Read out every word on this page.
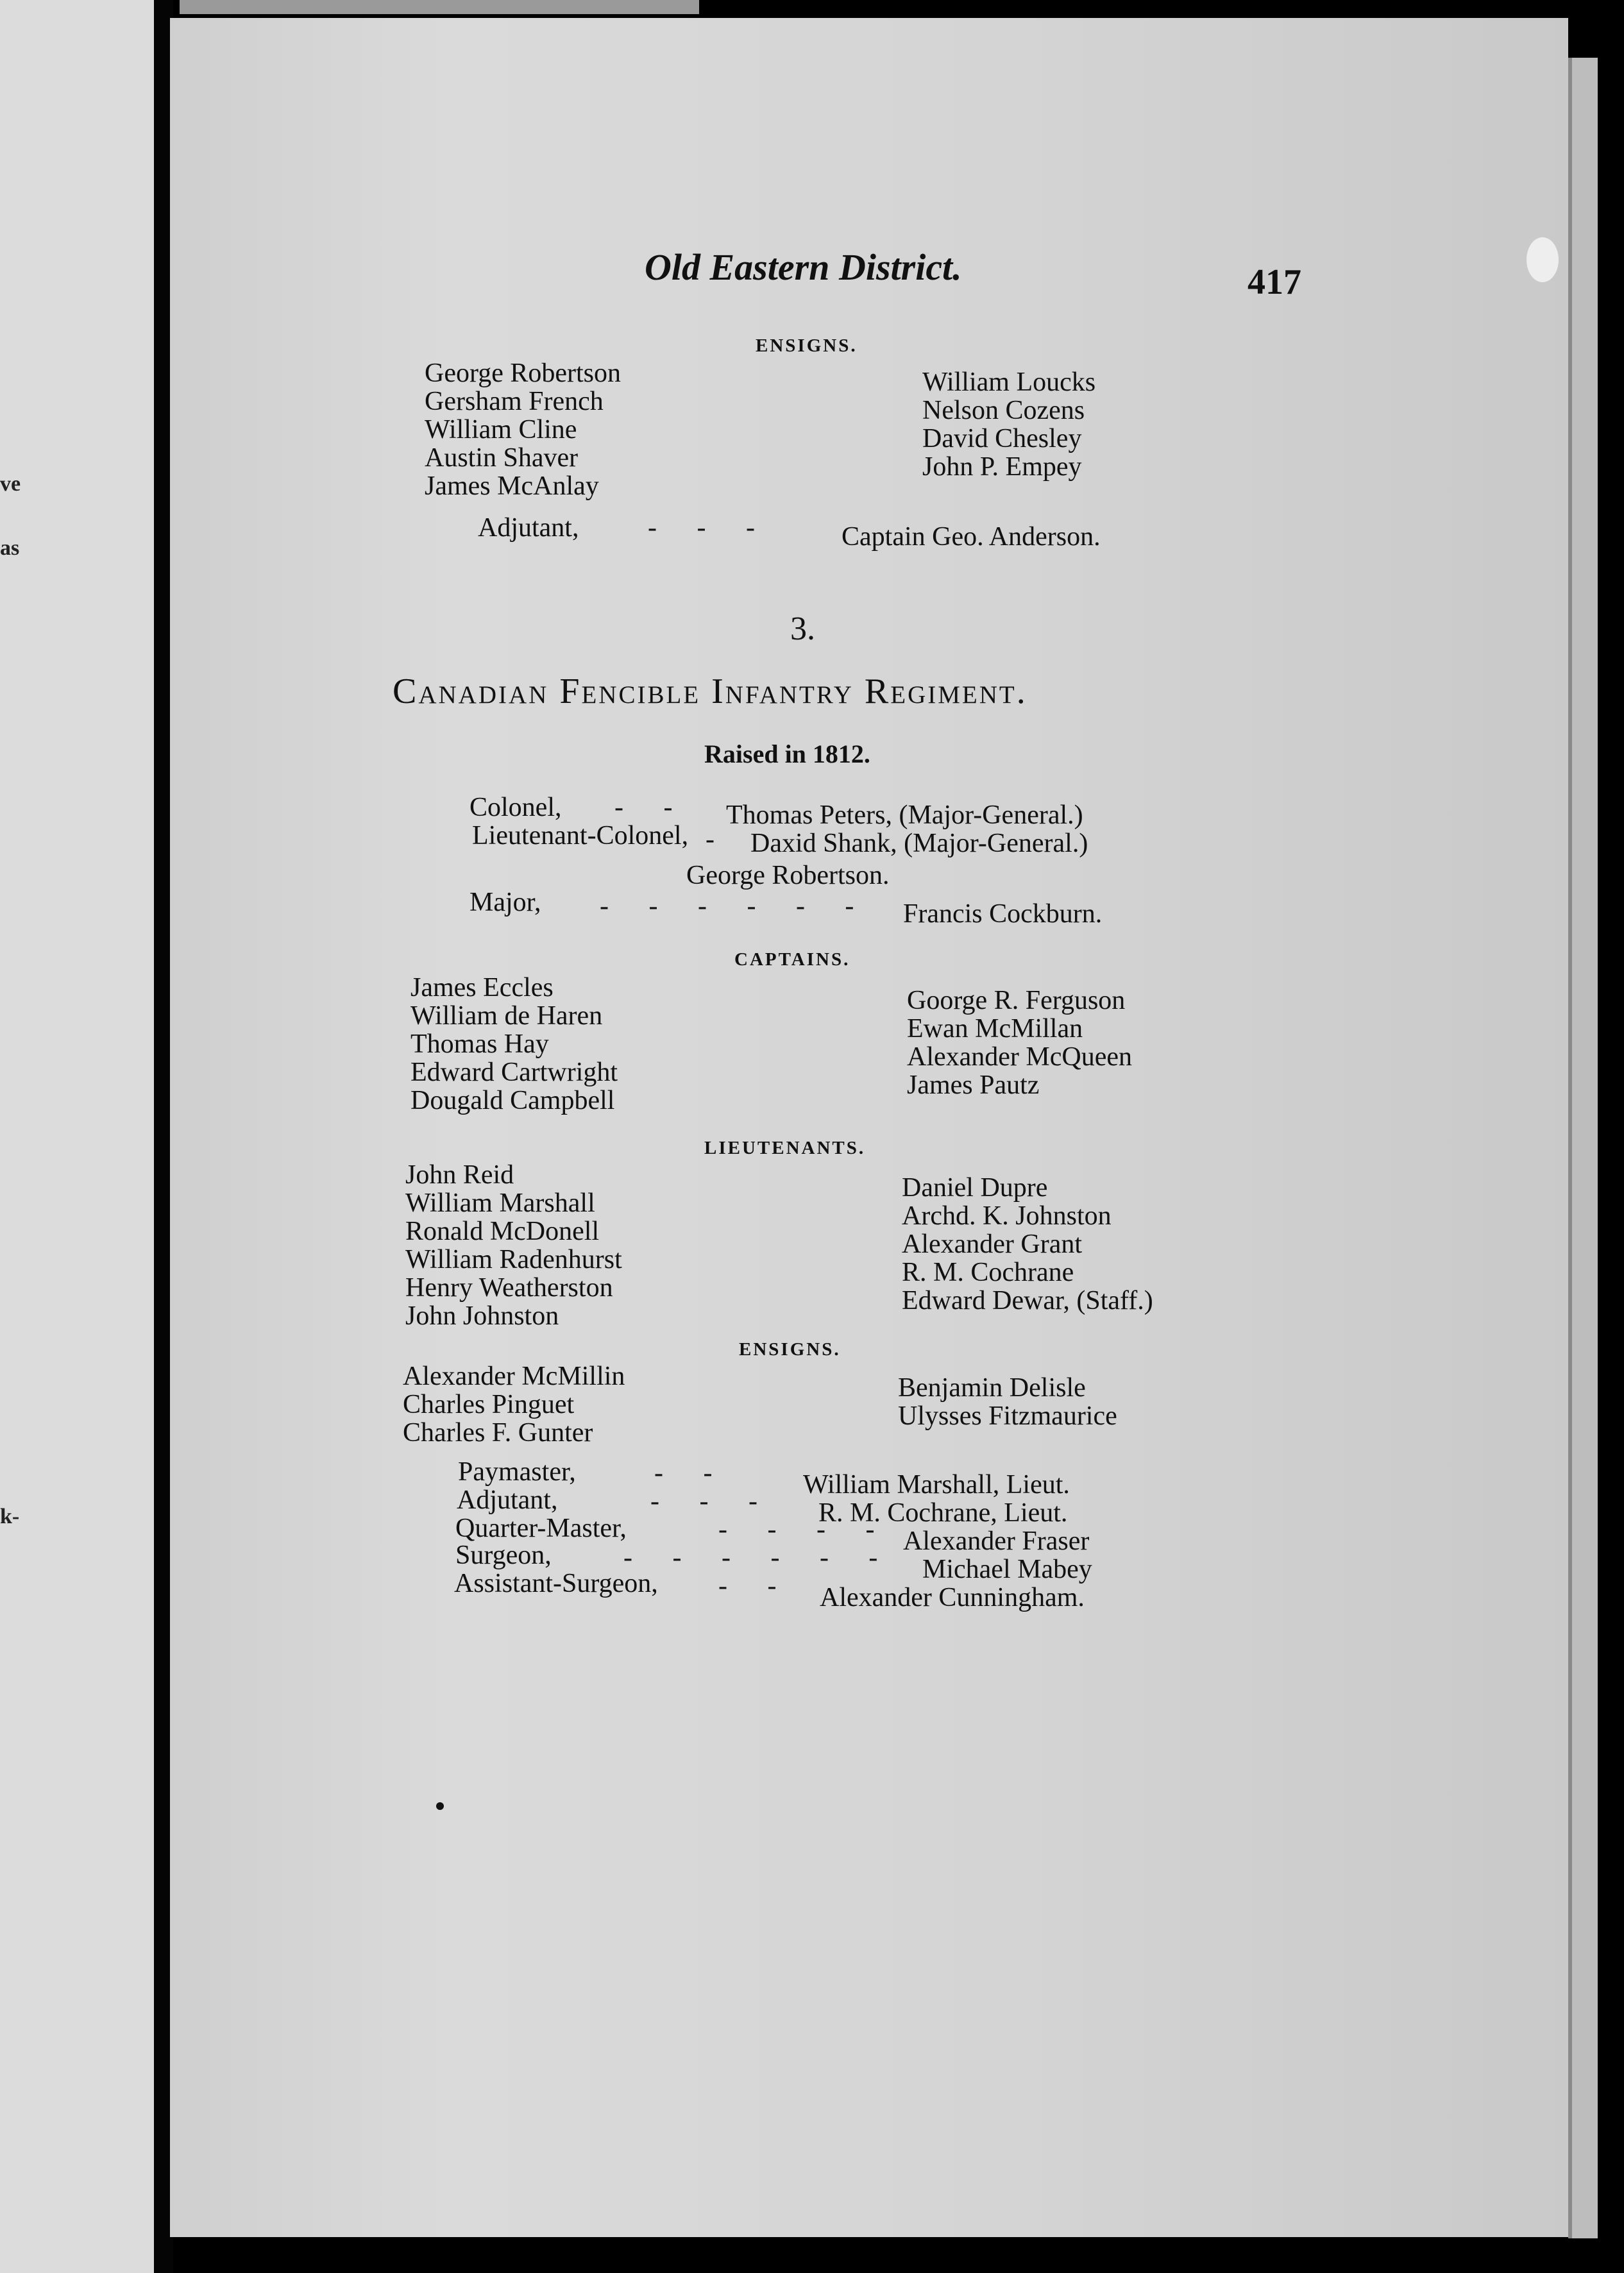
ve
as
k-
Old Eastern District.	417
ENSIGNS.
George Robertson
Gersham French
William Cline
Austin Shaver
James McAnlay
William Loucks
Nelson Cozens
David Chesley
John P. Empey
Adjutant,	- - -	Captain Geo. Anderson.
3.
Canadian Fencible Infantry Regiment.
Raised in 1812.
Colonel, - - Thomas Peters, (Major-General.)
Lieutenant-Colonel, - Daxid Shank, (Major-General.)
George Robertson.
Major, - - - - - - Francis Cockburn.
CAPTAINS.
James Eccles
William de Haren
Thomas Hay
Edward Cartwright
Dougald Campbell
Goorge R. Ferguson
Ewan McMillan
Alexander McQueen
James Pautz
LIEUTENANTS.
John Reid
William Marshall
Ronald McDonell
William Radenhurst
Henry Weatherston
John Johnston
Daniel Dupre
Archd. K. Johnston
Alexander Grant
R. M. Cochrane
Edward Dewar, (Staff.)
ENSIGNS.
Alexander McMillin
Charles Pinguet
Charles F. Gunter
Benjamin Delisle
Ulysses Fitzmaurice
Paymaster,	- -	William Marshall, Lieut.
Adjutant,	- - - R. M. Cochrane, Lieut.
Quarter-Master,	- - - - Alexander Fraser
Surgeon,	- - - - - - Michael Mabey
Assistant-Surgeon, - - Alexander Cunningham.
